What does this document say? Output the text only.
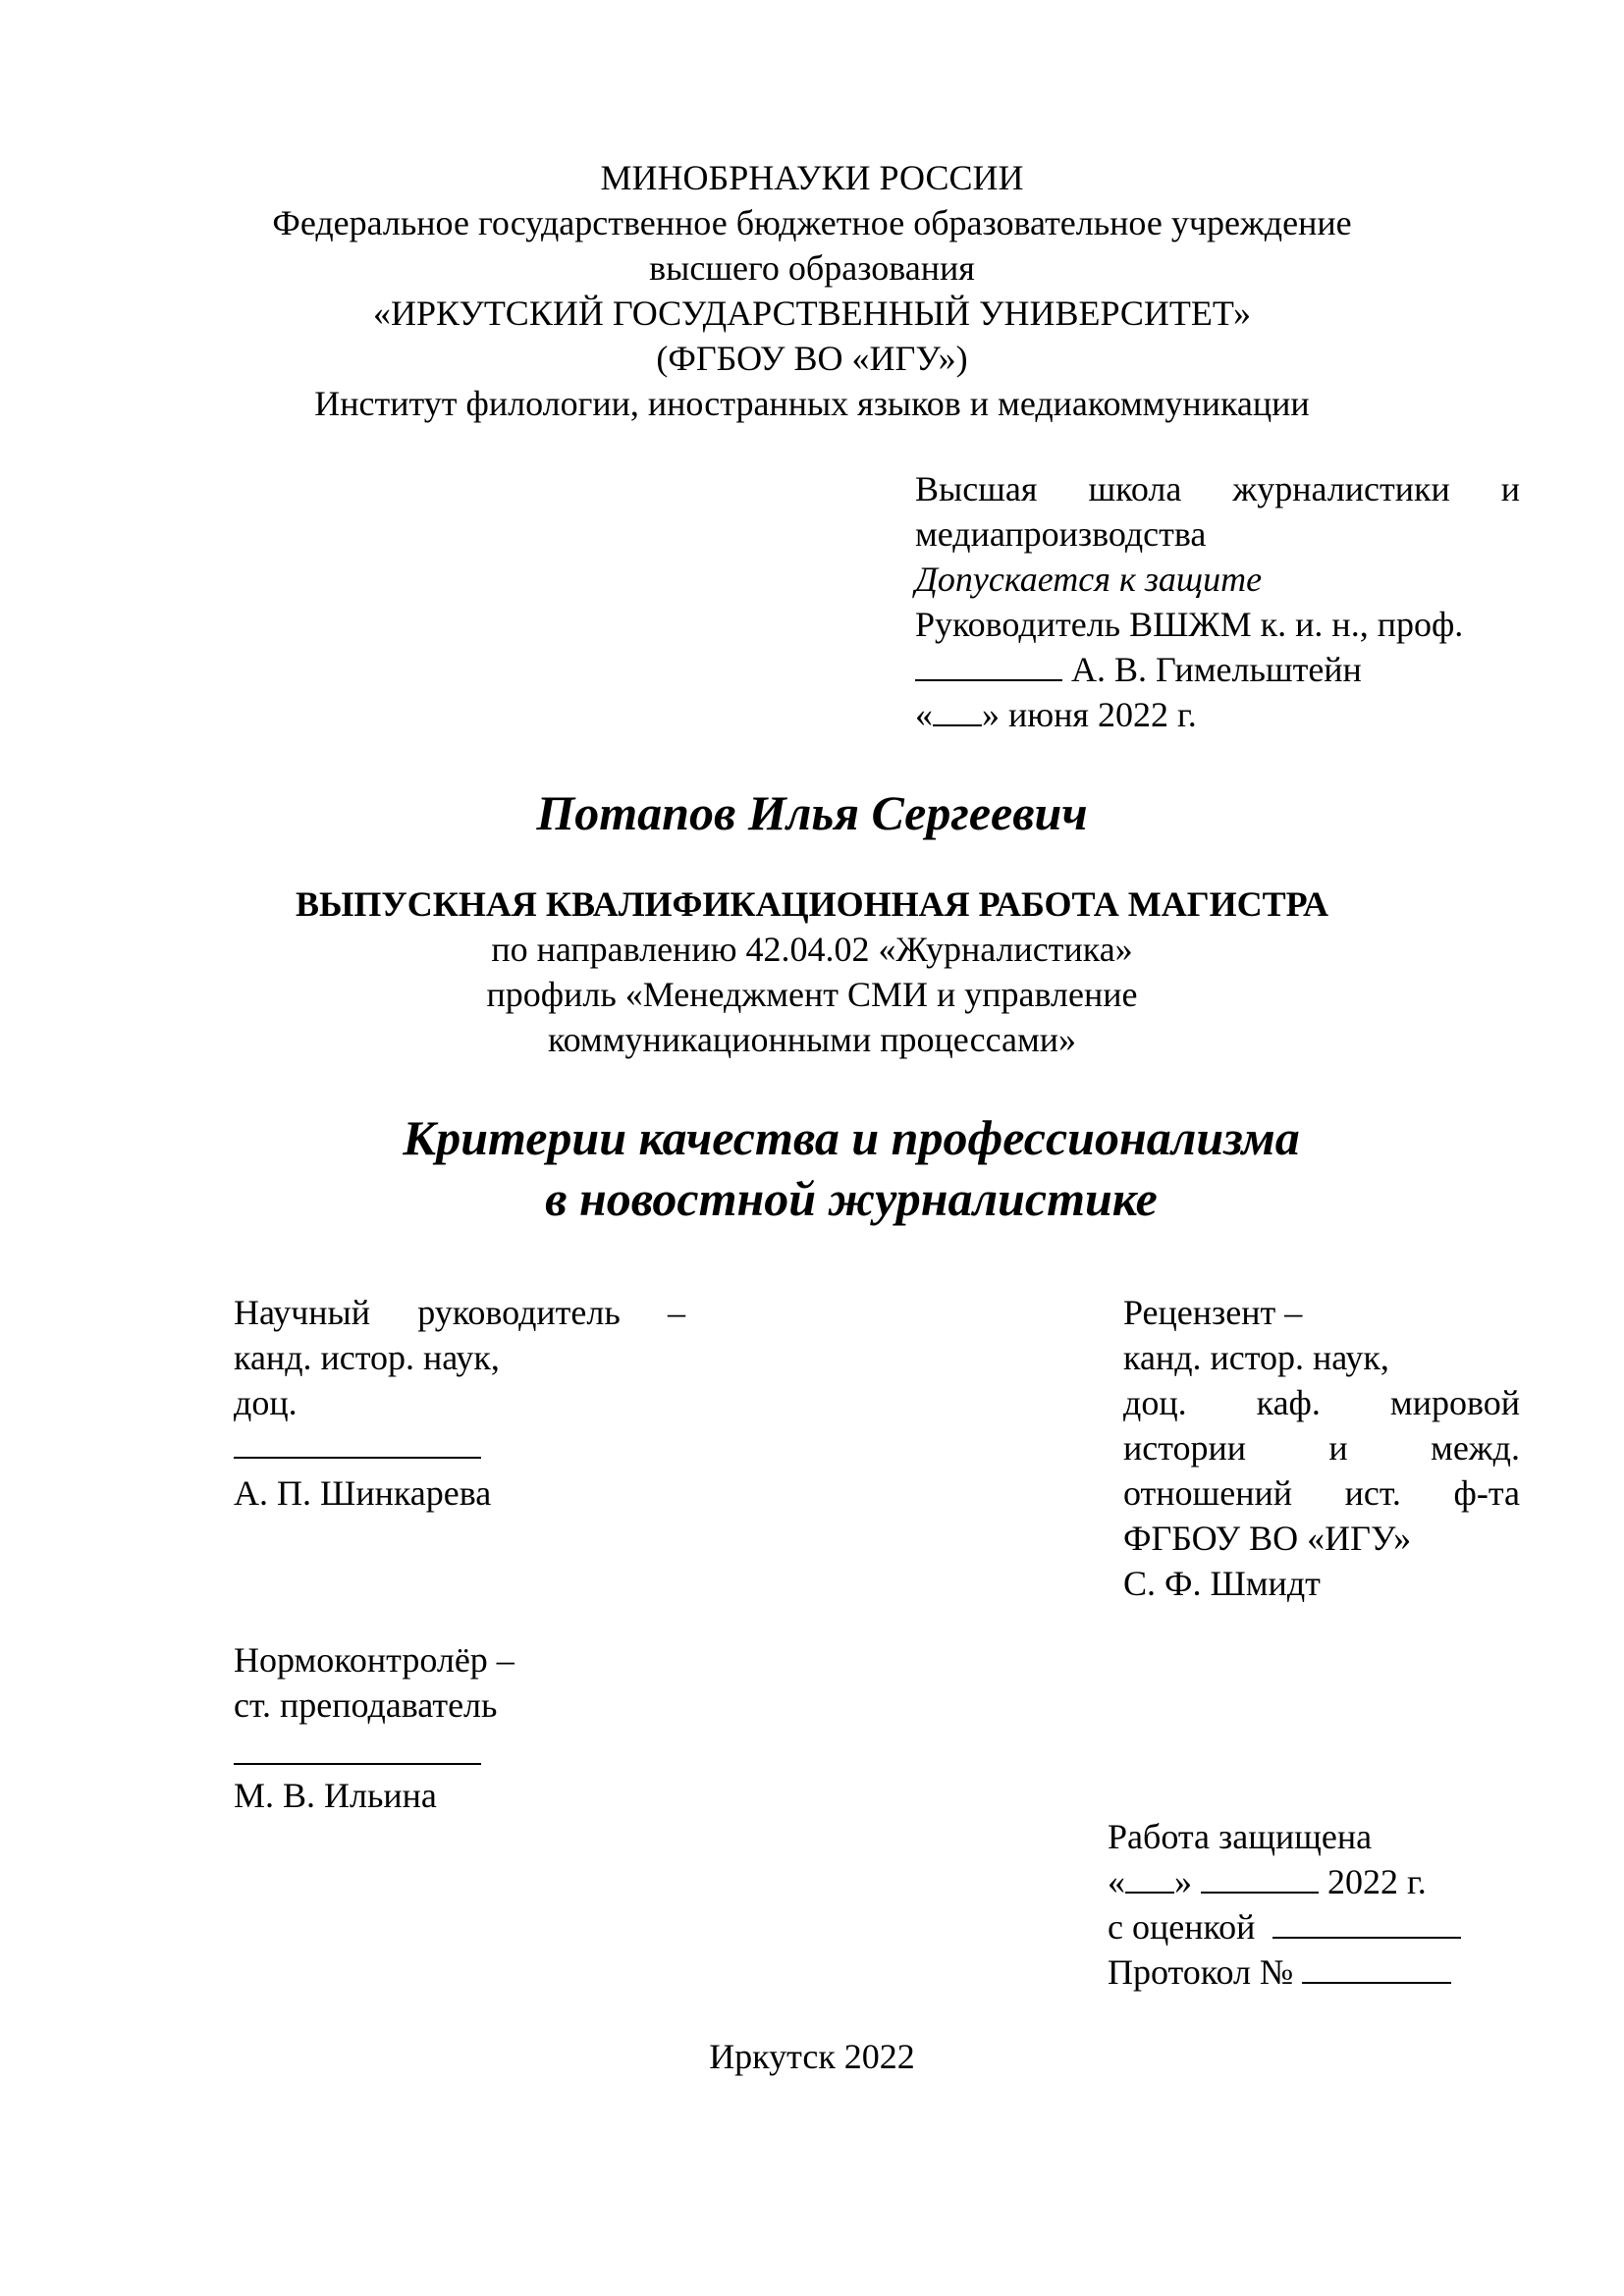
МИНОБРНАУКИ РОССИИ

Федеральное государственное бюджетное образовательное учреждение

высшего образования

«ИРКУТСКИЙ ГОСУДАРСТВЕННЫЙ УНИВЕРСИТЕТ»

(ФГБОУ ВО «ИГУ»)

Институт филологии, иностранных языков и медиакоммуникации

Высшая школа журналистики и

медиапроизводства

Допускается к защите

Руководитель ВШЖМ к. и. н., проф.

А. В. Гимельштейн

« » июня 2022 г.

Потапов Илья Сергеевич

ВЫПУСКНАЯ КВАЛИФИКАЦИОННАЯ РАБОТА МАГИСТРА

по направлению 42.04.02 «Журналистика»

профиль «Менеджмент СМИ и управление

коммуникационными процессами»

Критерии качества и профессионализма

в новостной журналистике

Научный руководитель –

канд. истор. наук,

доц.

А. П. Шинкарева

Рецензент –

канд. истор. наук,

доц. каф. мировой

истории и межд.

отношений ист. ф-та

ФГБОУ ВО «ИГУ»

С. Ф. Шмидт

Нормоконтролёр –

ст. преподаватель

М. В. Ильина

Работа защищена

« »	2022 г.

с оценкой

Протокол №

Иркутск 2022
